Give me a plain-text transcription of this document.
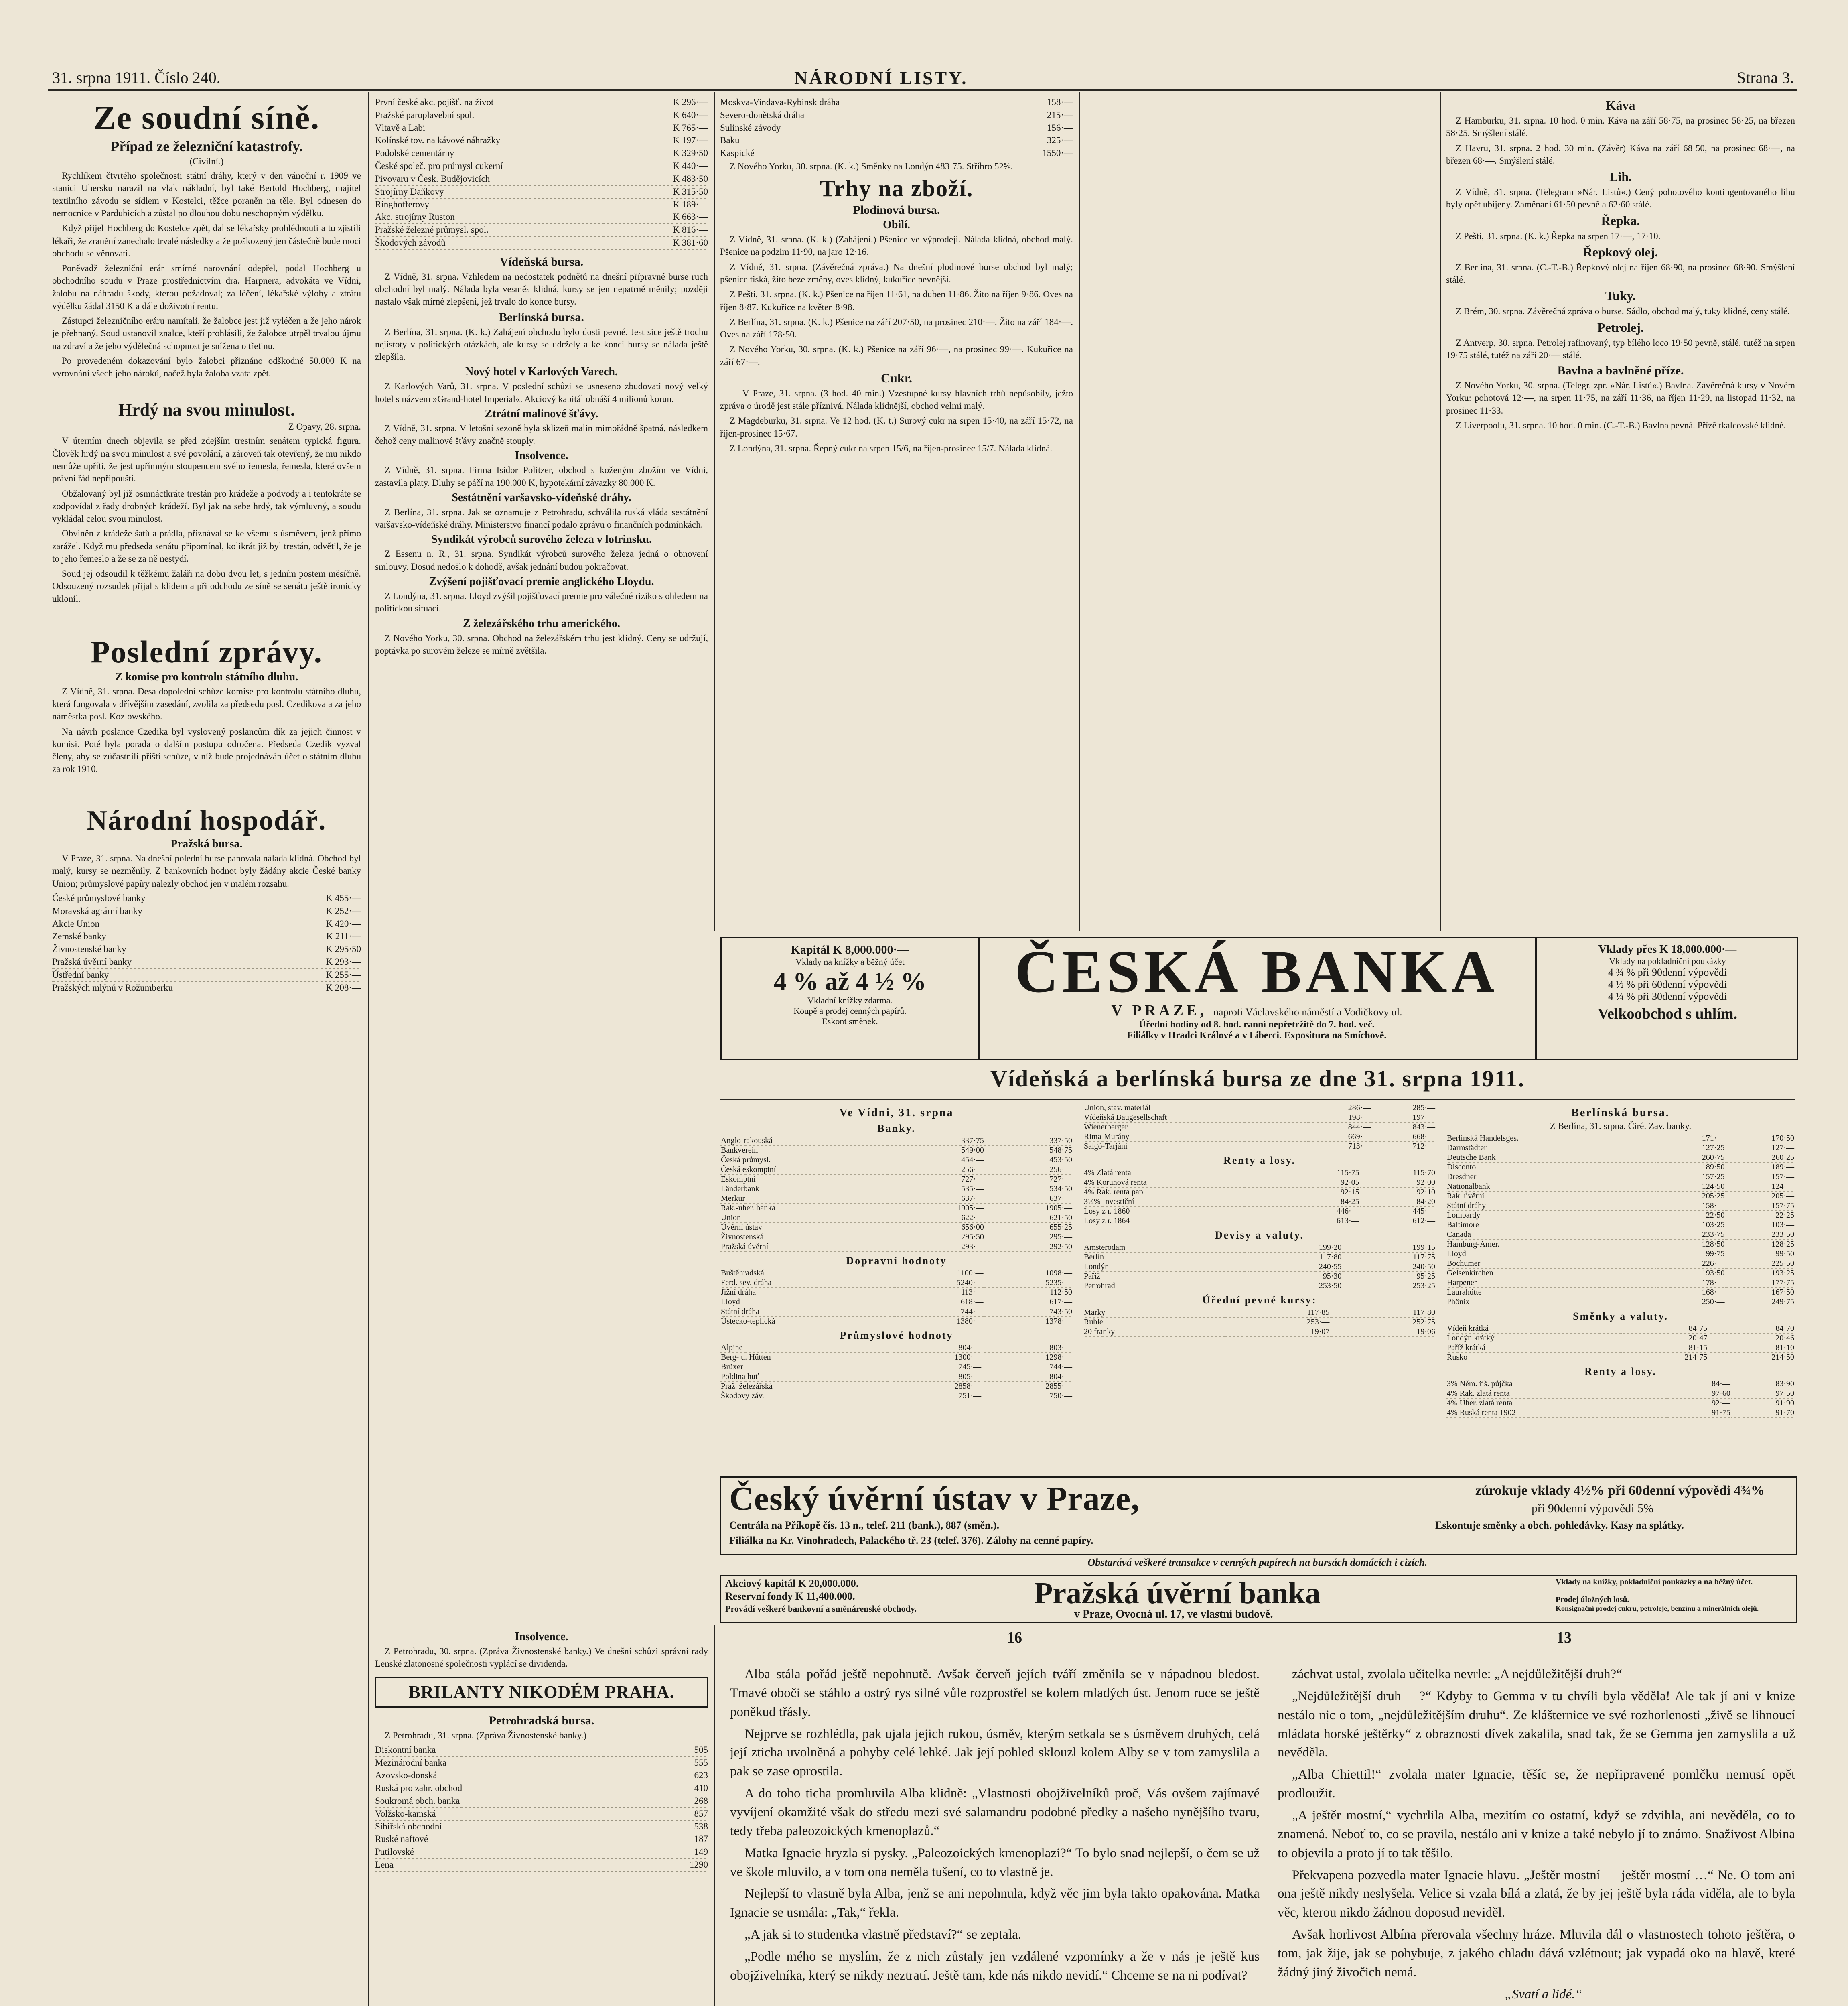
31. srpna 1911. Číslo 240.	NÁRODNÍ LISTY.	Strana 3.
Ze soudní síně.
Případ ze železniční katastrofy.
(Civilní.)

Rychlíkem čtvrtého společnosti státní dráhy, který v den vánoční r. 1909 ve stanici Uhersku narazil na vlak nákladní, byl také Bertold Hochberg, majitel textilního závodu se sídlem v Kostelci, těžce poraněn na těle. Byl odnesen do nemocnice v Pardubicích a zůstal po dlouhou dobu neschopným výdělku.

Když přijel Hochberg do Kostelce zpět, dal se lékařsky prohlédnouti a tu zjistili lékaři, že zranění zanechalo trvalé následky a že poškozený jen částečně bude moci obchodu se věnovati.

Poněvadž železniční erár smírné narovnání odepřel, podal Hochberg u obchodního soudu v Praze prostřednictvím dra. Harpnera, advokáta ve Vídni, žalobu na náhradu škody, kterou požadoval; za léčení, lékařské výlohy a ztrátu výdělku žádal 3150 K a dále doživotní rentu.

Zástupci železničního eráru namítali, že žalobce jest již vyléčen a že jeho nárok je přehnaný. Soud ustanovil znalce, kteří prohlásili, že žalobce utrpěl trvalou újmu na zdraví a že jeho výdělečná schopnost je snížena o třetinu.

Po provedeném dokazování bylo žalobci přiznáno odškodné 50.000 K na vyrovnání všech jeho nároků, načež byla žaloba vzata zpět.

Hrdý na svou minulost.
Z Opavy, 28. srpna.

V úterním dnech objevila se před zdejším trestním senátem typická figura. Člověk hrdý na svou minulost a své povolání, a zároveň tak otevřený, že mu nikdo nemůže upříti, že jest upřímným stoupencem svého řemesla, řemesla, které ovšem právní řád nepřipouští.

Obžalovaný byl již osmnáctkráte trestán pro krádeže a podvody a i tentokráte se zodpovídal z řady drobných krádeží. Byl jak na sebe hrdý, tak výmluvný, a soudu vykládal celou svou minulost.

Obviněn z krádeže šatů a prádla, přiznával se ke všemu s úsměvem, jenž přímo zarážel. Když mu předseda senátu připomínal, kolikrát již byl trestán, odvětil, že je to jeho řemeslo a že se za ně nestydí.

Soud jej odsoudil k těžkému žaláři na dobu dvou let, s jedním postem měsíčně. Odsouzený rozsudek přijal s klidem a při odchodu ze síně se senátu ještě ironicky uklonil.

Poslední zprávy.
Z komise pro kontrolu státního dluhu.

Z Vídně, 31. srpna. Desa dopolední schůze komise pro kontrolu státního dluhu, která fungovala v dřívějším zasedání, zvolila za předsedu posl. Czedikova a za jeho náměstka posl. Kozlowského.

Na návrh poslance Czedika byl vyslovený poslancům dík za jejich činnost v komisi. Poté byla porada o dalším postupu odročena. Předseda Czedik vyzval členy, aby se zúčastnili příští schůze, v níž bude projednáván účet o státním dluhu za rok 1910.

Národní hospodář.
Pražská bursa.

V Praze, 31. srpna. Na dnešní polední burse panovala nálada klidná. Obchod byl malý, kursy se nezměnily. Z bankovních hodnot byly žádány akcie České banky Union; průmyslové papíry nalezly obchod jen v malém rozsahu.

České průmyslové banky	K 455·—
Moravská agrární banky	K 252·—
Akcie Union	K 420·—
Zemské banky	K 211·—
Živnostenské banky	K 295·50
Pražská úvěrní banky	K 293·—
Ústřední banky	K 255·—
Pražských mlýnů v Rožumberku	K 208·—
První české akc. pojišť. na život	K 296·—
Pražské paroplavební spol.	K 640·—
Vltavě a Labi	K 765·—
Kolínské tov. na kávové náhražky	K 197·—
Podolské cementárny	K 329·50
České společ. pro průmysl cukerní	K 440·—
Pivovaru v Česk. Budějovicích	K 483·50
Strojírny Daňkovy	K 315·50
Ringhofferovy	K 189·—
Akc. strojírny Ruston	K 663·—
Pražské železné průmysl. spol.	K 816·—
Škodových závodů	K 381·60
Vídeňská bursa.

Z Vídně, 31. srpna. Vzhledem na nedostatek podnětů na dnešní přípravné burse ruch obchodní byl malý. Nálada byla vesměs klidná, kursy se jen nepatrně měnily; později nastalo však mírné zlepšení, jež trvalo do konce bursy.

Berlínská bursa.

Z Berlína, 31. srpna. (K. k.) Zahájení obchodu bylo dosti pevné. Jest sice ještě trochu nejistoty v politických otázkách, ale kursy se udržely a ke konci bursy se nálada ještě zlepšila.

Nový hotel v Karlových Varech.

Z Karlových Varů, 31. srpna. V poslední schůzi se usneseno zbudovati nový velký hotel s názvem »Grand-hotel Imperial«. Akciový kapitál obnáší 4 milionů korun.

Ztrátní malinové šťávy.

Z Vídně, 31. srpna. V letošní sezoně byla sklizeň malin mimořádně špatná, následkem čehož ceny malinové šťávy značně stouply.

Insolvence.

Z Vídně, 31. srpna. Firma Isidor Politzer, obchod s koženým zbožím ve Vídni, zastavila platy. Dluhy se páčí na 190.000 K, hypotekární závazky 80.000 K.

Sestátnění varšavsko-vídeňské dráhy.

Z Berlína, 31. srpna. Jak se oznamuje z Petrohradu, schválila ruská vláda sestátnění varšavsko-vídeňské dráhy. Ministerstvo financí podalo zprávu o finančních podmínkách.

Syndikát výrobců surového železa v lotrinsku.

Z Essenu n. R., 31. srpna. Syndikát výrobců surového železa jedná o obnovení smlouvy. Dosud nedošlo k dohodě, avšak jednání budou pokračovat.

Zvýšení pojišťovací premie anglického Lloydu.

Z Londýna, 31. srpna. Lloyd zvýšil pojišťovací premie pro válečné riziko s ohledem na politickou situaci.

Z železářského trhu amerického.

Z Nového Yorku, 30. srpna. Obchod na železářském trhu jest klidný. Ceny se udržují, poptávka po surovém železe se mírně zvětšila.

Insolvence.

Z Petrohradu, 30. srpna. (Zpráva Živnostenské banky.) Ve dnešní schůzi správní rady Lenské zlatonosné společnosti vyplácí se dividenda.

BRILANTY NIKODÉM PRAHA.
Petrohradská bursa.

Z Petrohradu, 31. srpna. (Zpráva Živnostenské banky.)

Diskontní banka	505
Mezinárodní banka	555
Azovsko-donská	623
Ruská pro zahr. obchod	410
Soukromá obch. banka	268
Volžsko-kamská	857
Sibiřská obchodní	538
Ruské naftové	187
Putilovské	149
Lena	1290
Moskva-Vindava-Rybinsk dráha	158·—
Severo-donětská dráha	215·—
Sulinské závody	156·—
Baku	325·—
Kaspické	1550·—

Z Nového Yorku, 30. srpna. (K. k.) Směnky na Londýn 483·75. Stříbro 52⅝.

Trhy na zboží.
Plodinová bursa.
Obilí.

Z Vídně, 31. srpna. (K. k.) (Zahájení.) Pšenice ve výprodeji. Nálada klidná, obchod malý. Pšenice na podzim 11·90, na jaro 12·16.

Z Vídně, 31. srpna. (Závěrečná zpráva.) Na dnešní plodinové burse obchod byl malý; pšenice tiská, žito beze změny, oves klidný, kukuřice pevnější.

Z Pešti, 31. srpna. (K. k.) Pšenice na říjen 11·61, na duben 11·86. Žito na říjen 9·86. Oves na říjen 8·87. Kukuřice na květen 8·98.

Z Berlína, 31. srpna. (K. k.) Pšenice na září 207·50, na prosinec 210·—. Žito na září 184·—. Oves na září 178·50.

Z Nového Yorku, 30. srpna. (K. k.) Pšenice na září 96·—, na prosinec 99·—. Kukuřice na září 67·—.

Cukr.

— V Praze, 31. srpna. (3 hod. 40 min.) Vzestupné kursy hlavních trhů nepůsobily, ježto zpráva o úrodě jest stále příznivá. Nálada klidnější, obchod velmi malý.

Z Magdeburku, 31. srpna. Ve 12 hod. (K. t.) Surový cukr na srpen 15·40, na září 15·72, na říjen-prosinec 15·67.

Z Londýna, 31. srpna. Řepný cukr na srpen 15/6, na říjen-prosinec 15/7. Nálada klidná.

Káva

Z Hamburku, 31. srpna. 10 hod. 0 min. Káva na září 58·75, na prosinec 58·25, na březen 58·25. Smýšlení stálé.

Z Havru, 31. srpna. 2 hod. 30 min. (Závěr) Káva na září 68·50, na prosinec 68·—, na březen 68·—. Smýšlení stálé.

Lih.

Z Vídně, 31. srpna. (Telegram »Nár. Listů«.) Cený pohotového kontingentovaného lihu byly opět ubíjeny. Zaměnaní 61·50 pevně a 62·60 stálé.

Řepka.

Z Pešti, 31. srpna. (K. k.) Řepka na srpen 17·—, 17·10.

Řepkový olej.

Z Berlína, 31. srpna. (C.-T.-B.) Řepkový olej na říjen 68·90, na prosinec 68·90. Smýšlení stálé.

Tuky.

Z Brém, 30. srpna. Závěrečná zpráva o burse. Sádlo, obchod malý, tuky klidné, ceny stálé.

Petrolej.

Z Antverp, 30. srpna. Petrolej rafinovaný, typ bílého loco 19·50 pevně, stálé, tutéž na srpen 19·75 stálé, tutéž na září 20·— stálé.

Bavlna a bavlněné příze.

Z Nového Yorku, 30. srpna. (Telegr. zpr. »Nár. Listů«.) Bavlna. Závěrečná kursy v Novém Yorku: pohotová 12·—, na srpen 11·75, na září 11·36, na říjen 11·29, na listopad 11·32, na prosinec 11·33.

Z Liverpoolu, 31. srpna. 10 hod. 0 min. (C.-T.-B.) Bavlna pevná. Přízě tkalcovské klidné.

Kapitál K 8,000.000·—
Vklady na knížky a běžný účet
4 % až 4 ½ %
Vkladní knížky zdarma.
Koupě a prodej cenných papírů.
Eskont směnek.
ČESKÁ BANKA
V PRAZE, naproti Václavského náměstí a Vodičkovy ul.
Úřední hodiny od 8. hod. ranní nepřetržitě do 7. hod. več.
Filiálky v Hradci Králové a v Liberci. Expositura na Smíchově.
Vklady přes K 18,000.000·—
Vklady na pokladniční poukázky
4 ¾ % při 90denní výpovědi
4 ½ % při 60denní výpovědi
4 ¼ % při 30denní výpovědi
Velkoobchod s uhlím.
Vídeňská a berlínská bursa ze dne 31. srpna 1911.
Ve Vídni, 31. srpna
Banky.
Anglo-rakouská	337·75	337·50
Bankverein	549·00	548·75
Česká průmysl.	454·—	453·50
Česká eskomptní	256·—	256·—
Eskomptní	727·—	727·—
Länderbank	535·—	534·50
Merkur	637·—	637·—
Rak.-uher. banka	1905·—	1905·—
Union	622·—	621·50
Úvěrní ústav	656·00	655·25
Živnostenská	295·50	295·—
Pražská úvěrní	293·—	292·50
Dopravní hodnoty
Buštěhradská	1100·—	1098·—
Ferd. sev. dráha	5240·—	5235·—
Jižní dráha	113·—	112·50
Lloyd	618·—	617·—
Státní dráha	744·—	743·50
Ústecko-teplická	1380·—	1378·—
Průmyslové hodnoty
Alpine	804·—	803·—
Berg- u. Hütten	1300·—	1298·—
Brüxer	745·—	744·—
Poldina huť	805·—	804·—
Praž. železářská	2858·—	2855·—
Škodovy záv.	751·—	750·—
Union, stav. materiál	286·—	285·—
Vídeňská Baugesellschaft	198·—	197·—
Wienerberger	844·—	843·—
Rima-Murány	669·—	668·—
Salgó-Tarjáni	713·—	712·—
Renty a losy.
4% Zlatá renta	115·75	115·70
4% Korunová renta	92·05	92·00
4% Rak. renta pap.	92·15	92·10
3½% Investiční	84·25	84·20
Losy z r. 1860	446·—	445·—
Losy z r. 1864	613·—	612·—
Devisy a valuty.
Amsterodam	199·20	199·15
Berlín	117·80	117·75
Londýn	240·55	240·50
Paříž	95·30	95·25
Petrohrad	253·50	253·25
Úřední pevné kursy:
Marky	117·85	117·80
Ruble	253·—	252·75
20 franky	19·07	19·06
Berlínská bursa.
Z Berlína, 31. srpna. Čiré. Zav. banky.
Berlinská Handelsges.	171·—	170·50
Darmstädter	127·25	127·—
Deutsche Bank	260·75	260·25
Disconto	189·50	189·—
Dresdner	157·25	157·—
Nationalbank	124·50	124·—
Rak. úvěrní	205·25	205·—
Státní dráhy	158·—	157·75
Lombardy	22·50	22·25
Baltimore	103·25	103·—
Canada	233·75	233·50
Hamburg-Amer.	128·50	128·25
Lloyd	99·75	99·50
Bochumer	226·—	225·50
Gelsenkirchen	193·50	193·25
Harpener	178·—	177·75
Laurahütte	168·—	167·50
Phönix	250·—	249·75
Směnky a valuty.
Vídeň krátká	84·75	84·70
Londýn krátký	20·47	20·46
Paříž krátká	81·15	81·10
Rusko	214·75	214·50
Renty a losy.
3% Něm. říš. půjčka	84·—	83·90
4% Rak. zlatá renta	97·60	97·50
4% Uher. zlatá renta	92·—	91·90
4% Ruská renta 1902	91·75	91·70
Český úvěrní ústav v Praze,	zúrokuje vklady 4½% při 60denní výpovědi 4¾%
při 90denní výpovědi 5%
Centrála na Příkopě čís. 13 n., telef. 211 (bank.), 887 (směn.).	Eskontuje směnky a obch. pohledávky. Kasy na splátky.
Filiálka na Kr. Vinohradech, Palackého tř. 23 (telef. 376). Zálohy na cenné papíry.
Obstarává veškeré transakce v cenných papírech na bursách domácích i cizích.
Akciový kapitál K 20,000.000.
Reservní fondy K 11,400.000.
Provádí veškeré bankovní a směnárenské obchody.	Pražská úvěrní banka
v Praze, Ovocná ul. 17, ve vlastní budově.
Vklady na knížky, pokladniční poukázky a na běžný účet.
Prodej úložných losů.
Konsignační prodej cukru, petroleje, benzínu a minerálních olejů.
16	13

Alba stála pořád ještě nepohnutě. Avšak červeň jejích tváří změnila se v nápadnou bledost. Tmavé oboči se stáhlo a ostrý rys silné vůle rozprostřel se kolem mladých úst. Jenom ruce se ještě poněkud třásly.

Nejprve se rozhlédla, pak ujala jejich rukou, úsměv, kterým setkala se s úsměvem druhých, celá její zticha uvolněná a pohyby celé lehké. Jak její pohled sklouzl kolem Alby se v tom zamyslila a pak se zase oprostila.

A do toho ticha promluvila Alba klidně: „Vlastnosti obojživelníků proč, Vás ovšem zajímavé vyvíjení okamžité však do středu mezi své salamandru podobné předky a našeho nynějšího tvaru, tedy třeba paleozoických kmenoplazů.“

Matka Ignacie hryzla si pysky. „Paleozoických kmenoplazi?“ To bylo snad nejlepší, o čem se už ve škole mluvilo, a v tom ona neměla tušení, co to vlastně je.

Nejlepší to vlastně byla Alba, jenž se ani nepohnula, když věc jim byla takto opakována. Matka Ignacie se usmála: „Tak,“ řekla.

„A jak si to studentka vlastně představí?“ se zeptala.

„Podle mého se myslím, že z nich zůstaly jen vzdálené vzpomínky a že v nás je ještě kus obojživelníka, který se nikdy neztratí. Ještě tam, kde nás nikdo nevidí.“ Chceme se na ni podívat?

záchvat ustal, zvolala učitelka nevrle: „A nejdůležitější druh?“

„Nejdůležitější druh —?“ Kdyby to Gemma v tu chvíli byla věděla! Ale tak jí ani v knize nestálo nic o tom, „nejdůležitějším druhu“. Ze klášternice ve své rozhorlenosti „živě se lihnoucí mládata horské ještěrky“ z obraznosti dívek zakalila, snad tak, že se Gemma jen zamyslila a už nevěděla.

„Alba Chiettil!“ zvolala mater Ignacie, těšíc se, že nepřipravené pomlčku nemusí opět prodloužit.

„A ještěr mostní,“ vychrlila Alba, mezitím co ostatní, když se zdvihla, ani nevěděla, co to znamená. Neboť to, co se pravila, nestálo ani v knize a také nebylo jí to známo. Snaživost Albina to objevila a proto jí to tak těšilo.

Překvapena pozvedla mater Ignacie hlavu. „Ještěr mostní — ještěr mostní …“ Ne. O tom ani ona ještě nikdy neslyšela. Velice si vzala bílá a zlatá, že by jej ještě byla ráda viděla, ale to byla věc, kterou nikdo žádnou doposud neviděl.

Avšak horlivost Albína přerovala všechny hráze. Mluvila dál o vlastnostech tohoto ještěra, o tom, jak žije, jak se pohybuje, z jakého chladu dává vzlétnout; jak vypadá oko na hlavě, které žádný jiný živočich nemá.

„Svatí a lidé.“
